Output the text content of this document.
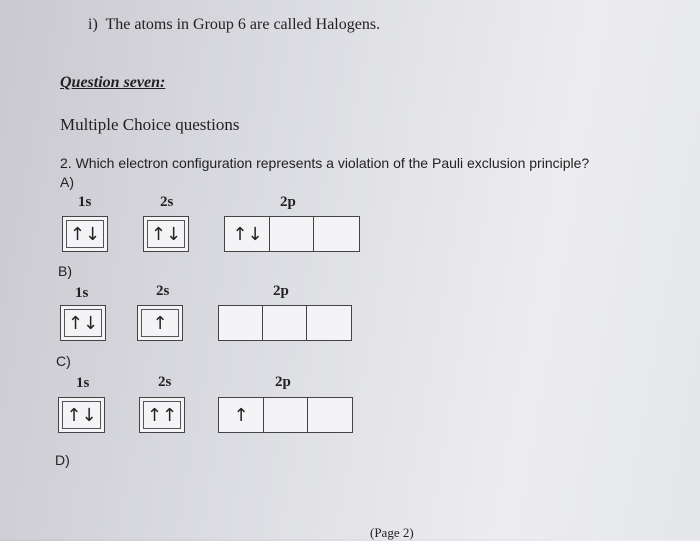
i) The atoms in Group 6 are called Halogens.
Question seven:
Multiple Choice questions
2. Which electron configuration represents a violation of the Pauli exclusion principle?
A)
1s	2s	2p
↑↓	↑↓	↑↓
B)
1s	2s	2p
↑↓	↑
C)
1s	2s	2p
↑↓	↑↑	↑
D)
(Page 2)
